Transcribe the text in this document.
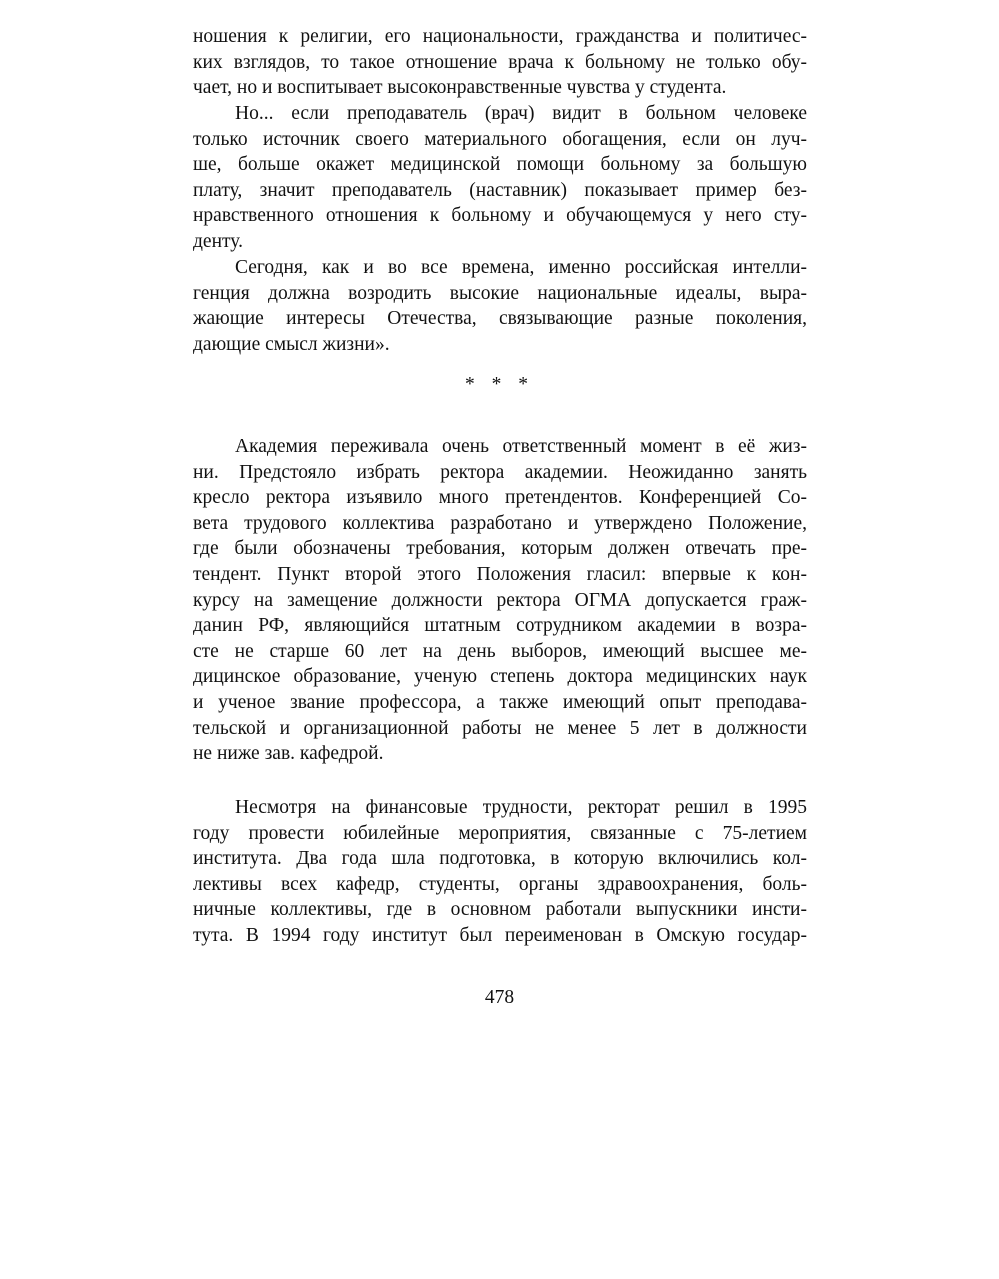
ношения к религии, его национальности, гражданства и политичес-
ких взглядов, то такое отношение врача к больному не только обу-
чает, но и воспитывает высоконравственные чувства у студента.
Но... если преподаватель (врач) видит в больном человеке
только источник своего материального обогащения, если он луч-
ше, больше окажет медицинской помощи больному за большую
плату, значит преподаватель (наставник) показывает пример без-
нравственного отношения к больному и обучающемуся у него сту-
денту.
Сегодня, как и во все времена, именно российская интелли-
генция должна возродить высокие национальные идеалы, выра-
жающие интересы Отечества, связывающие разные поколения,
дающие смысл жизни».
* * *
Академия переживала очень ответственный момент в её жиз-
ни. Предстояло избрать ректора академии. Неожиданно занять
кресло ректора изъявило много претендентов. Конференцией Со-
вета трудового коллектива разработано и утверждено Положение,
где были обозначены требования, которым должен отвечать пре-
тендент. Пункт второй этого Положения гласил: впервые к кон-
курсу на замещение должности ректора ОГМА допускается граж-
данин РФ, являющийся штатным сотрудником академии в возра-
сте не старше 60 лет на день выборов, имеющий высшее ме-
дицинское образование, ученую степень доктора медицинских наук
и ученое звание профессора, а также имеющий опыт преподава-
тельской и организационной работы не менее 5 лет в должности
не ниже зав. кафедрой.
Несмотря на финансовые трудности, ректорат решил в 1995
году провести юбилейные мероприятия, связанные с 75-летием
института. Два года шла подготовка, в которую включились кол-
лективы всех кафедр, студенты, органы здравоохранения, боль-
ничные коллективы, где в основном работали выпускники инсти-
тута. В 1994 году институт был переименован в Омскую государ-
478
